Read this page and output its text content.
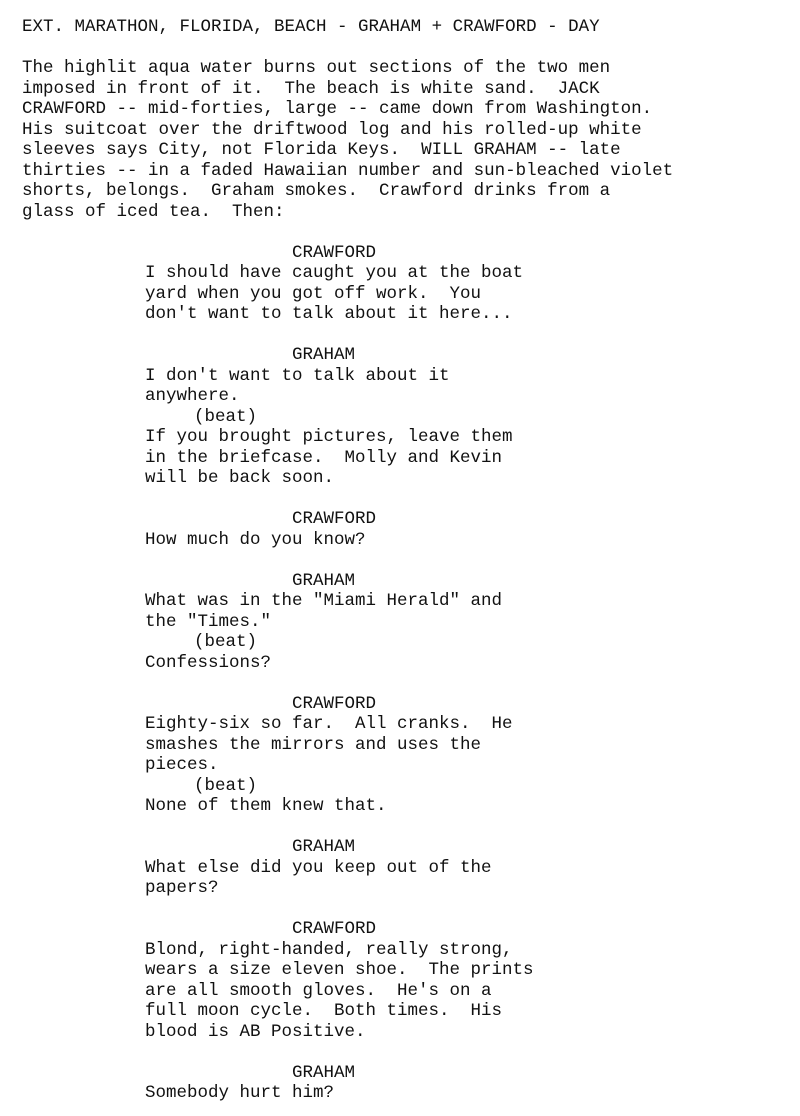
EXT. MARATHON, FLORIDA, BEACH - GRAHAM + CRAWFORD - DAY
The highlit aqua water burns out sections of the two men
imposed in front of it.  The beach is white sand.  JACK
CRAWFORD -- mid-forties, large -- came down from Washington.
His suitcoat over the driftwood log and his rolled-up white
sleeves says City, not Florida Keys.  WILL GRAHAM -- late
thirties -- in a faded Hawaiian number and sun-bleached violet
shorts, belongs.  Graham smokes.  Crawford drinks from a
glass of iced tea.  Then:
CRAWFORD
I should have caught you at the boat
yard when you got off work.  You
don't want to talk about it here...
GRAHAM
I don't want to talk about it
anywhere.
(beat)
If you brought pictures, leave them
in the briefcase.  Molly and Kevin
will be back soon.
CRAWFORD
How much do you know?
GRAHAM
What was in the "Miami Herald" and
the "Times."
(beat)
Confessions?
CRAWFORD
Eighty-six so far.  All cranks.  He
smashes the mirrors and uses the
pieces.
(beat)
None of them knew that.
GRAHAM
What else did you keep out of the
papers?
CRAWFORD
Blond, right-handed, really strong,
wears a size eleven shoe.  The prints
are all smooth gloves.  He's on a
full moon cycle.  Both times.  His
blood is AB Positive.
GRAHAM
Somebody hurt him?
